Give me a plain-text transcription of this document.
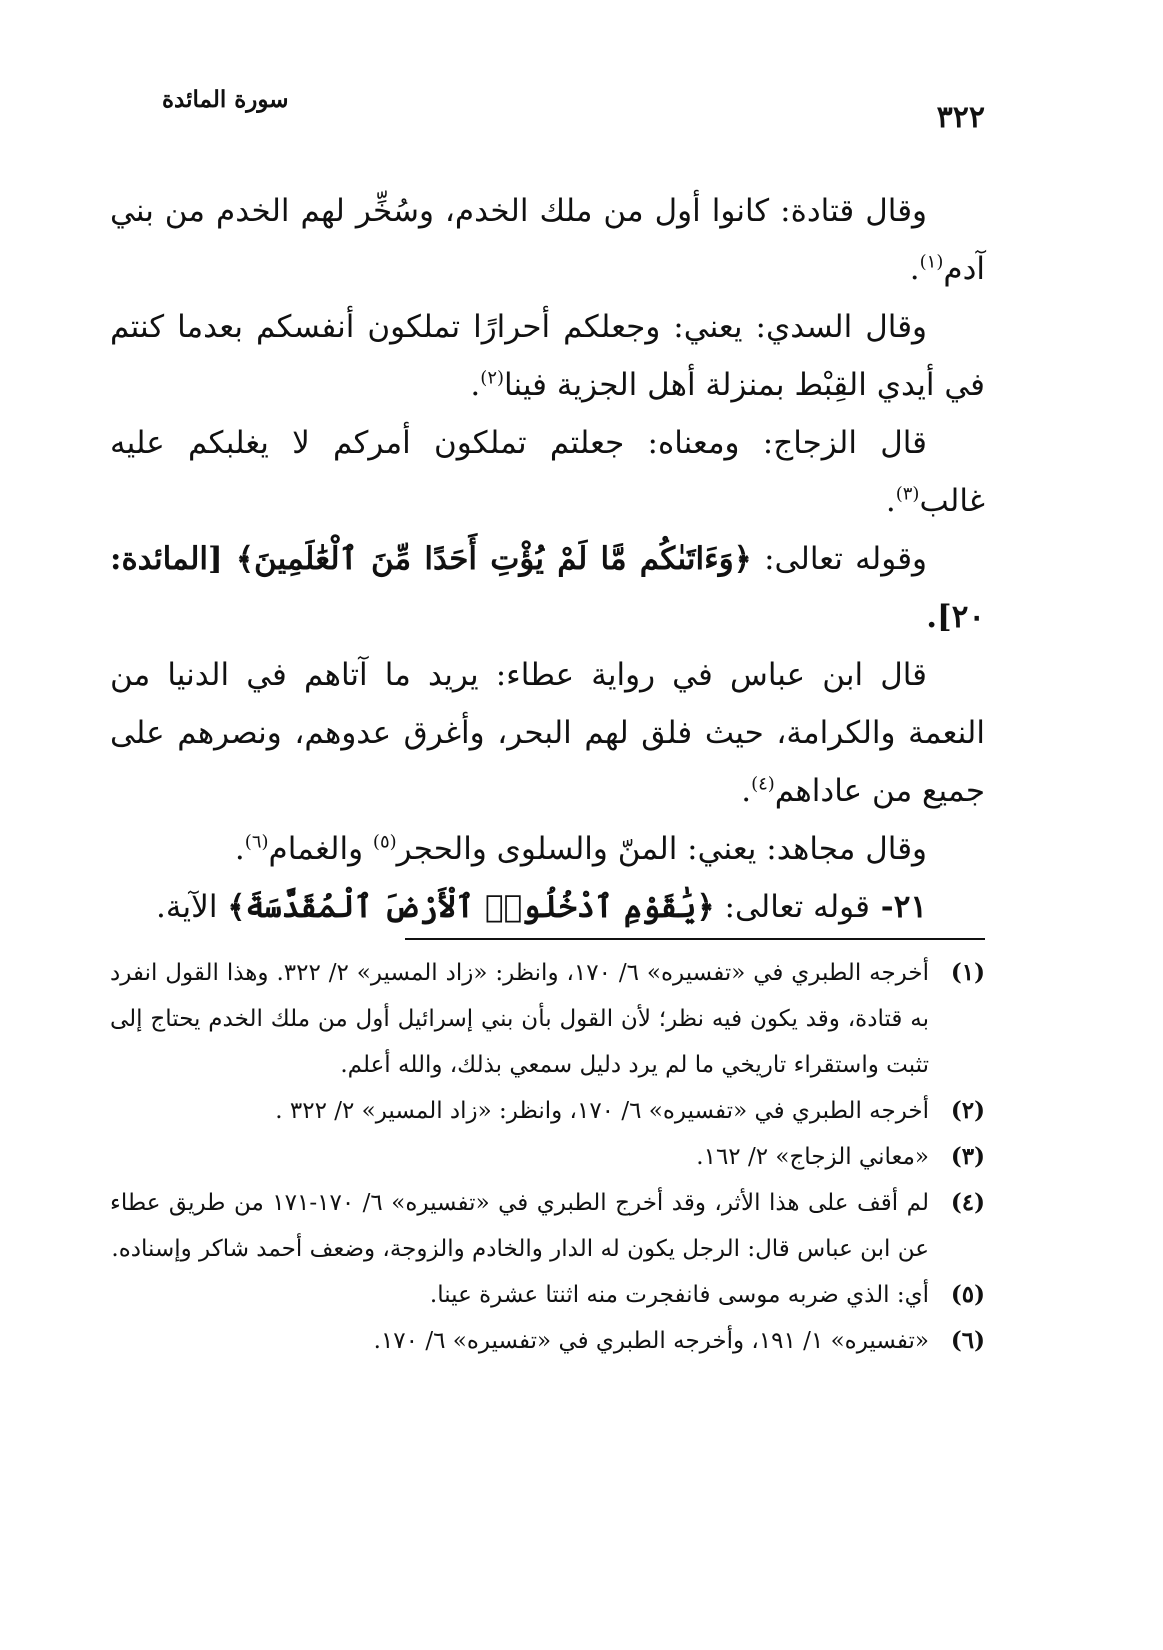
٣٢٢
سورة المائدة

وقال قتادة: كانوا أول من ملك الخدم، وسُخِّر لهم الخدم من بني آدم$^{(١)}$.

وقال السدي: يعني: وجعلكم أحرارًا تملكون أنفسكم بعدما كنتم في أيدي القِبْط بمنزلة أهل الجزية فينا$^{(٢)}$.

قال الزجاج: ومعناه: جعلتم تملكون أمركم لا يغلبكم عليه غالب$^{(٣)}$.

وقوله تعالى: ﴿وَءَاتَىٰكُم مَّا لَمْ يُؤْتِ أَحَدًا مِّنَ ٱلْعَٰلَمِينَ﴾ [المائدة: ٢٠].

قال ابن عباس في رواية عطاء: يريد ما آتاهم في الدنيا من النعمة والكرامة، حيث فلق لهم البحر، وأغرق عدوهم، ونصرهم على جميع من عاداهم$^{(٤)}$.

وقال مجاهد: يعني: المنّ والسلوى والحجر$^{(٥)}$ والغمام$^{(٦)}$.

٢١- قوله تعالى: ﴿يَٰقَوْمِ ٱدْخُلُوا۟ ٱلْأَرْضَ ٱلْمُقَدَّسَةَ﴾ الآية.

(١)
أخرجه الطبري في «تفسيره» ٦/ ١٧٠، وانظر: «زاد المسير» ٢/ ٣٢٢. وهذا القول انفرد به قتادة، وقد يكون فيه نظر؛ لأن القول بأن بني إسرائيل أول من ملك الخدم يحتاج إلى تثبت واستقراء تاريخي ما لم يرد دليل سمعي بذلك، والله أعلم.

(٢)
أخرجه الطبري في «تفسيره» ٦/ ١٧٠، وانظر: «زاد المسير» ٢/ ٣٢٢ .

(٣)
«معاني الزجاج» ٢/ ١٦٢.

(٤)
لم أقف على هذا الأثر، وقد أخرج الطبري في «تفسيره» ٦/ ١٧٠-١٧١ من طريق عطاء عن ابن عباس قال: الرجل يكون له الدار والخادم والزوجة، وضعف أحمد شاكر وإسناده.

(٥)
أي: الذي ضربه موسى فانفجرت منه اثنتا عشرة عينا.

(٦)
«تفسيره» ١/ ١٩١، وأخرجه الطبري في «تفسيره» ٦/ ١٧٠.
